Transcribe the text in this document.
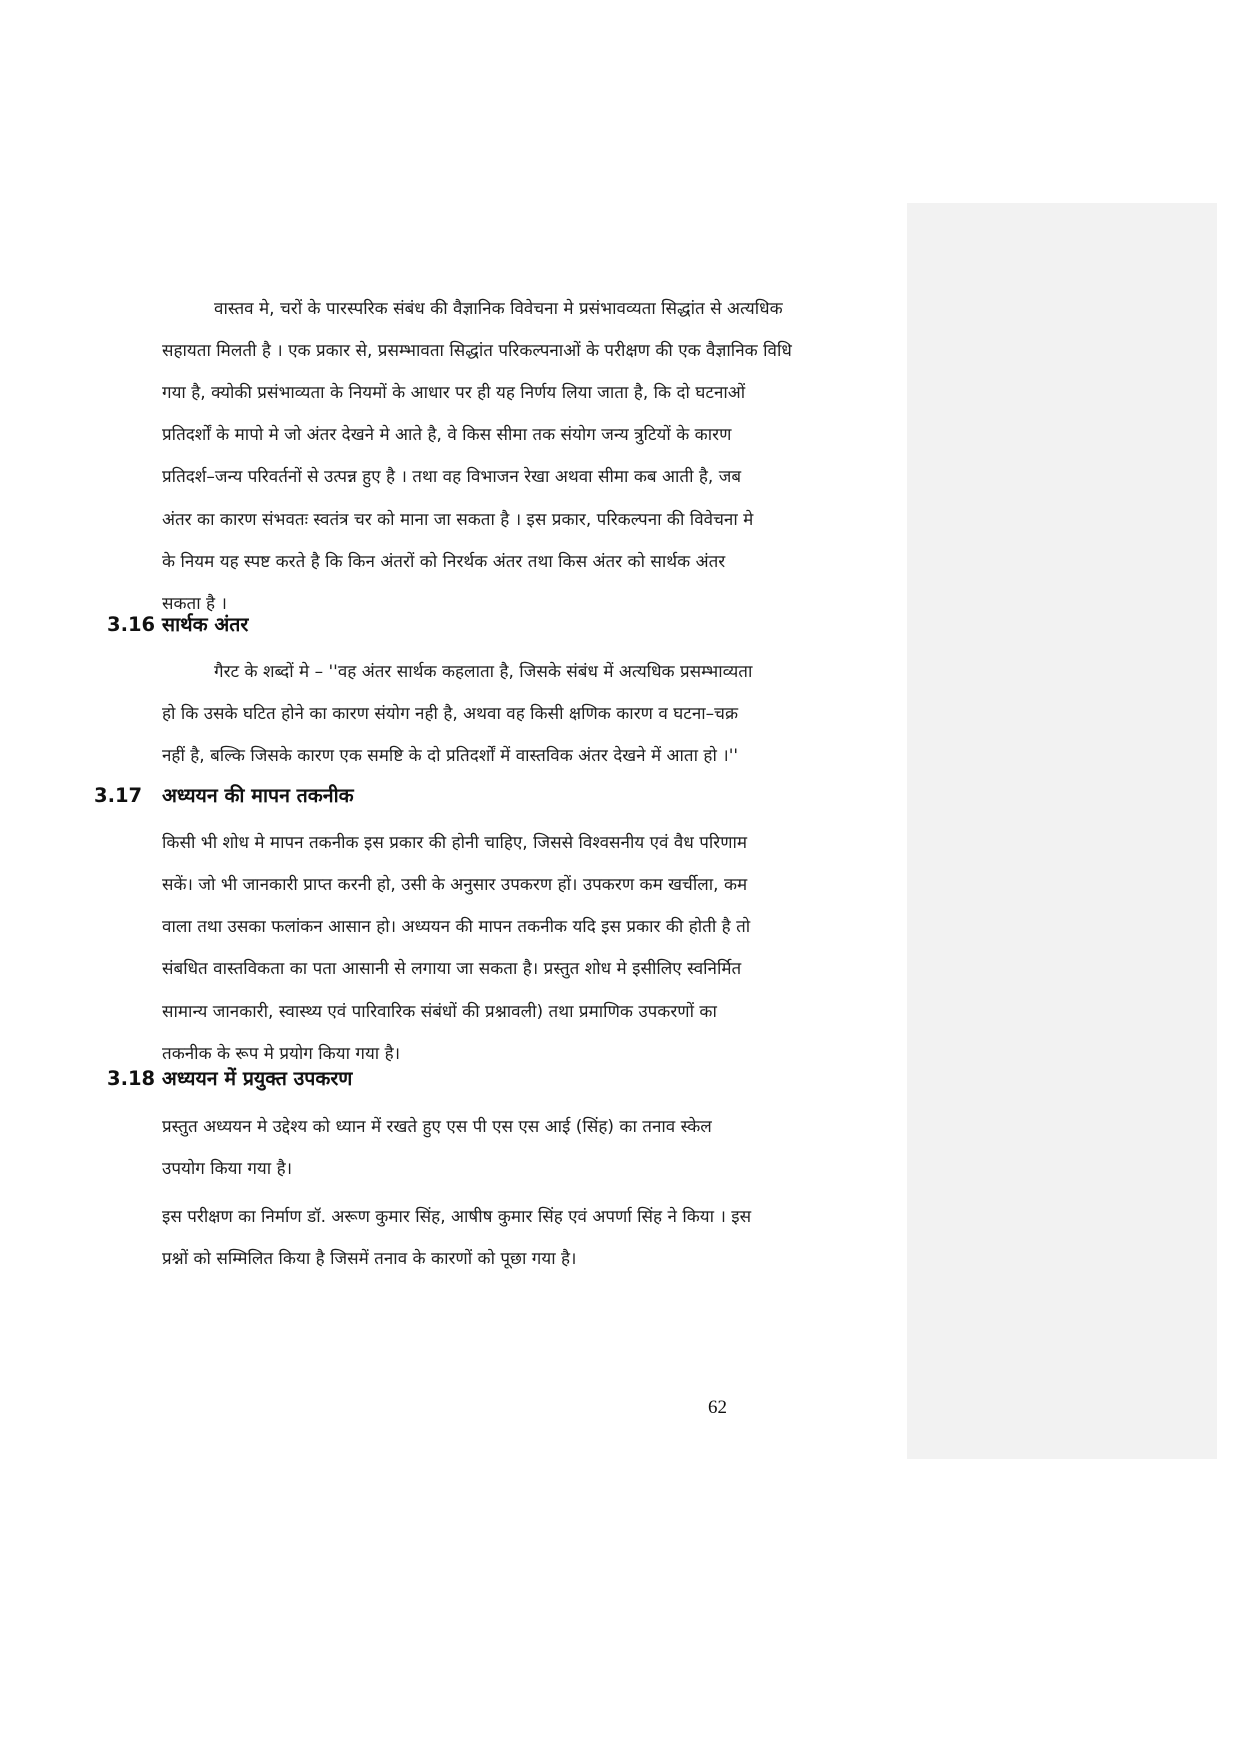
वास्तव मे, चरों के पारस्परिक संबंध की वैज्ञानिक विवेचना मे प्रसंभावव्यता सिद्धांत से अत्यधिक
सहायता मिलती है । एक प्रकार से, प्रसम्भावता सिद्धांत परिकल्पनाओं के परीक्षण की एक वैज्ञानिक विधि
गया है, क्योकी प्रसंभाव्यता के नियमों के आधार पर ही यह निर्णय लिया जाता है, कि दो घटनाओं
प्रतिदर्शों के मापो मे जो अंतर देखने मे आते है, वे किस सीमा तक संयोग जन्य त्रुटियों के कारण
प्रतिदर्श–जन्य परिवर्तनों से उत्पन्न हुए है । तथा वह विभाजन रेखा अथवा सीमा कब आती है, जब
अंतर का कारण संभवतः स्वतंत्र चर को माना जा सकता है । इस प्रकार, परिकल्पना की विवेचना मे
के नियम यह स्पष्ट करते है कि किन अंतरों को निरर्थक अंतर तथा किस अंतर को सार्थक अंतर
सकता है ।
3.16 सार्थक अंतर
गैरट के शब्दों मे – ''वह अंतर सार्थक कहलाता है, जिसके संबंध में अत्यधिक प्रसम्भाव्यता
हो कि उसके घटित होने का कारण संयोग नही है, अथवा वह किसी क्षणिक कारण व घटना–चक्र
नहीं है, बल्कि जिसके कारण एक समष्टि के दो प्रतिदर्शों में वास्तविक अंतर देखने में आता हो ।''
3.17 अध्ययन की मापन तकनीक
किसी भी शोध मे मापन तकनीक इस प्रकार की होनी चाहिए, जिससे विश्वसनीय एवं वैध परिणाम
सकें। जो भी जानकारी प्राप्त करनी हो, उसी के अनुसार उपकरण हों। उपकरण कम खर्चीला, कम
वाला तथा उसका फलांकन आसान हो। अध्ययन की मापन तकनीक यदि इस प्रकार की होती है तो
संबधित वास्तविकता का पता आसानी से लगाया जा सकता है। प्रस्तुत शोध मे इसीलिए स्वनिर्मित
सामान्य जानकारी, स्वास्थ्य एवं पारिवारिक संबंधों की प्रश्नावली) तथा प्रमाणिक उपकरणों का
तकनीक के रूप मे प्रयोग किया गया है।
3.18 अध्ययन में प्रयुक्त उपकरण
प्रस्तुत अध्ययन मे उद्देश्य को ध्यान में रखते हुए एस पी एस एस आई (सिंह) का तनाव स्केल
उपयोग किया गया है।
इस परीक्षण का निर्माण डॉ. अरूण कुमार सिंह, आषीष कुमार सिंह एवं अपर्णा सिंह ने किया । इस
प्रश्नों को सम्मिलित किया है जिसमें तनाव के कारणों को पूछा गया है।
62
